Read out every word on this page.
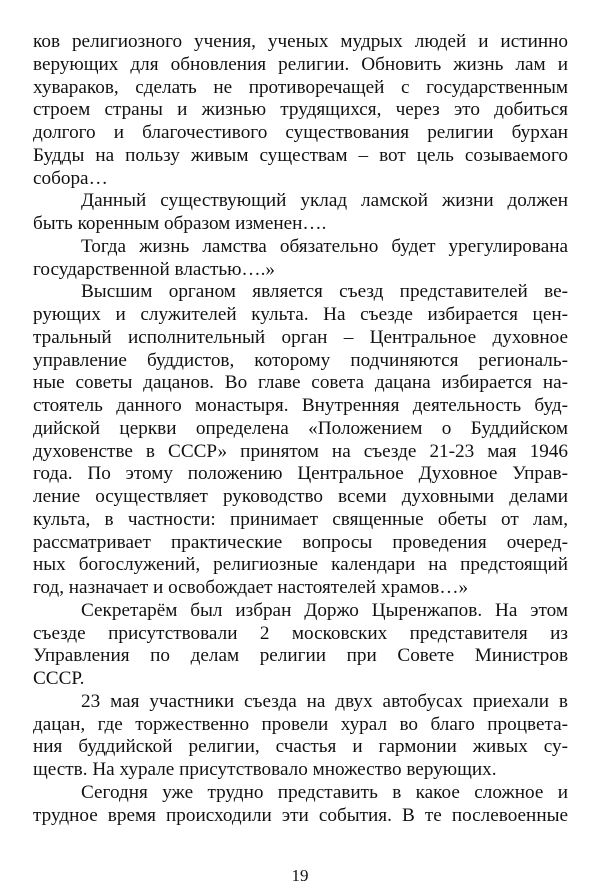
ков религиозного учения, ученых мудрых людей и истинно
верующих для обновления религии. Обновить жизнь лам и
хувараков, сделать не противоречащей с государственным
строем страны и жизнью трудящихся, через это добиться
долгого и благочестивого существования религии бурхан
Будды на пользу живым существам – вот цель созываемого
собора…
Данный существующий уклад ламской жизни должен
быть коренным образом изменен….
Тогда жизнь ламства обязательно будет урегулирована
государственной властью….»
Высшим органом является съезд представителей ве-
рующих и служителей культа. На съезде избирается цен-
тральный исполнительный орган – Центральное духовное
управление буддистов, которому подчиняются региональ-
ные советы дацанов. Во главе совета дацана избирается на-
стоятель данного монастыря. Внутренняя деятельность буд-
дийской церкви определена «Положением о Буддийском
духовенстве в СССР» принятом на съезде 21-23 мая 1946
года. По этому положению Центральное Духовное Управ-
ление осуществляет руководство всеми духовными делами
культа, в частности: принимает священные обеты от лам,
рассматривает практические вопросы проведения очеред-
ных богослужений, религиозные календари на предстоящий
год, назначает и освобождает настоятелей храмов…»
Секретарём был избран Доржо Цыренжапов. На этом
съезде присутствовали 2 московских представителя из
Управления по делам религии при Совете Министров
СССР.
23 мая участники съезда на двух автобусах приехали в
дацан, где торжественно провели хурал во благо процвета-
ния буддийской религии, счастья и гармонии живых су-
ществ. На хурале присутствовало множество верующих.
Сегодня уже трудно представить в какое сложное и
трудное время происходили эти события. В те послевоенные
19
